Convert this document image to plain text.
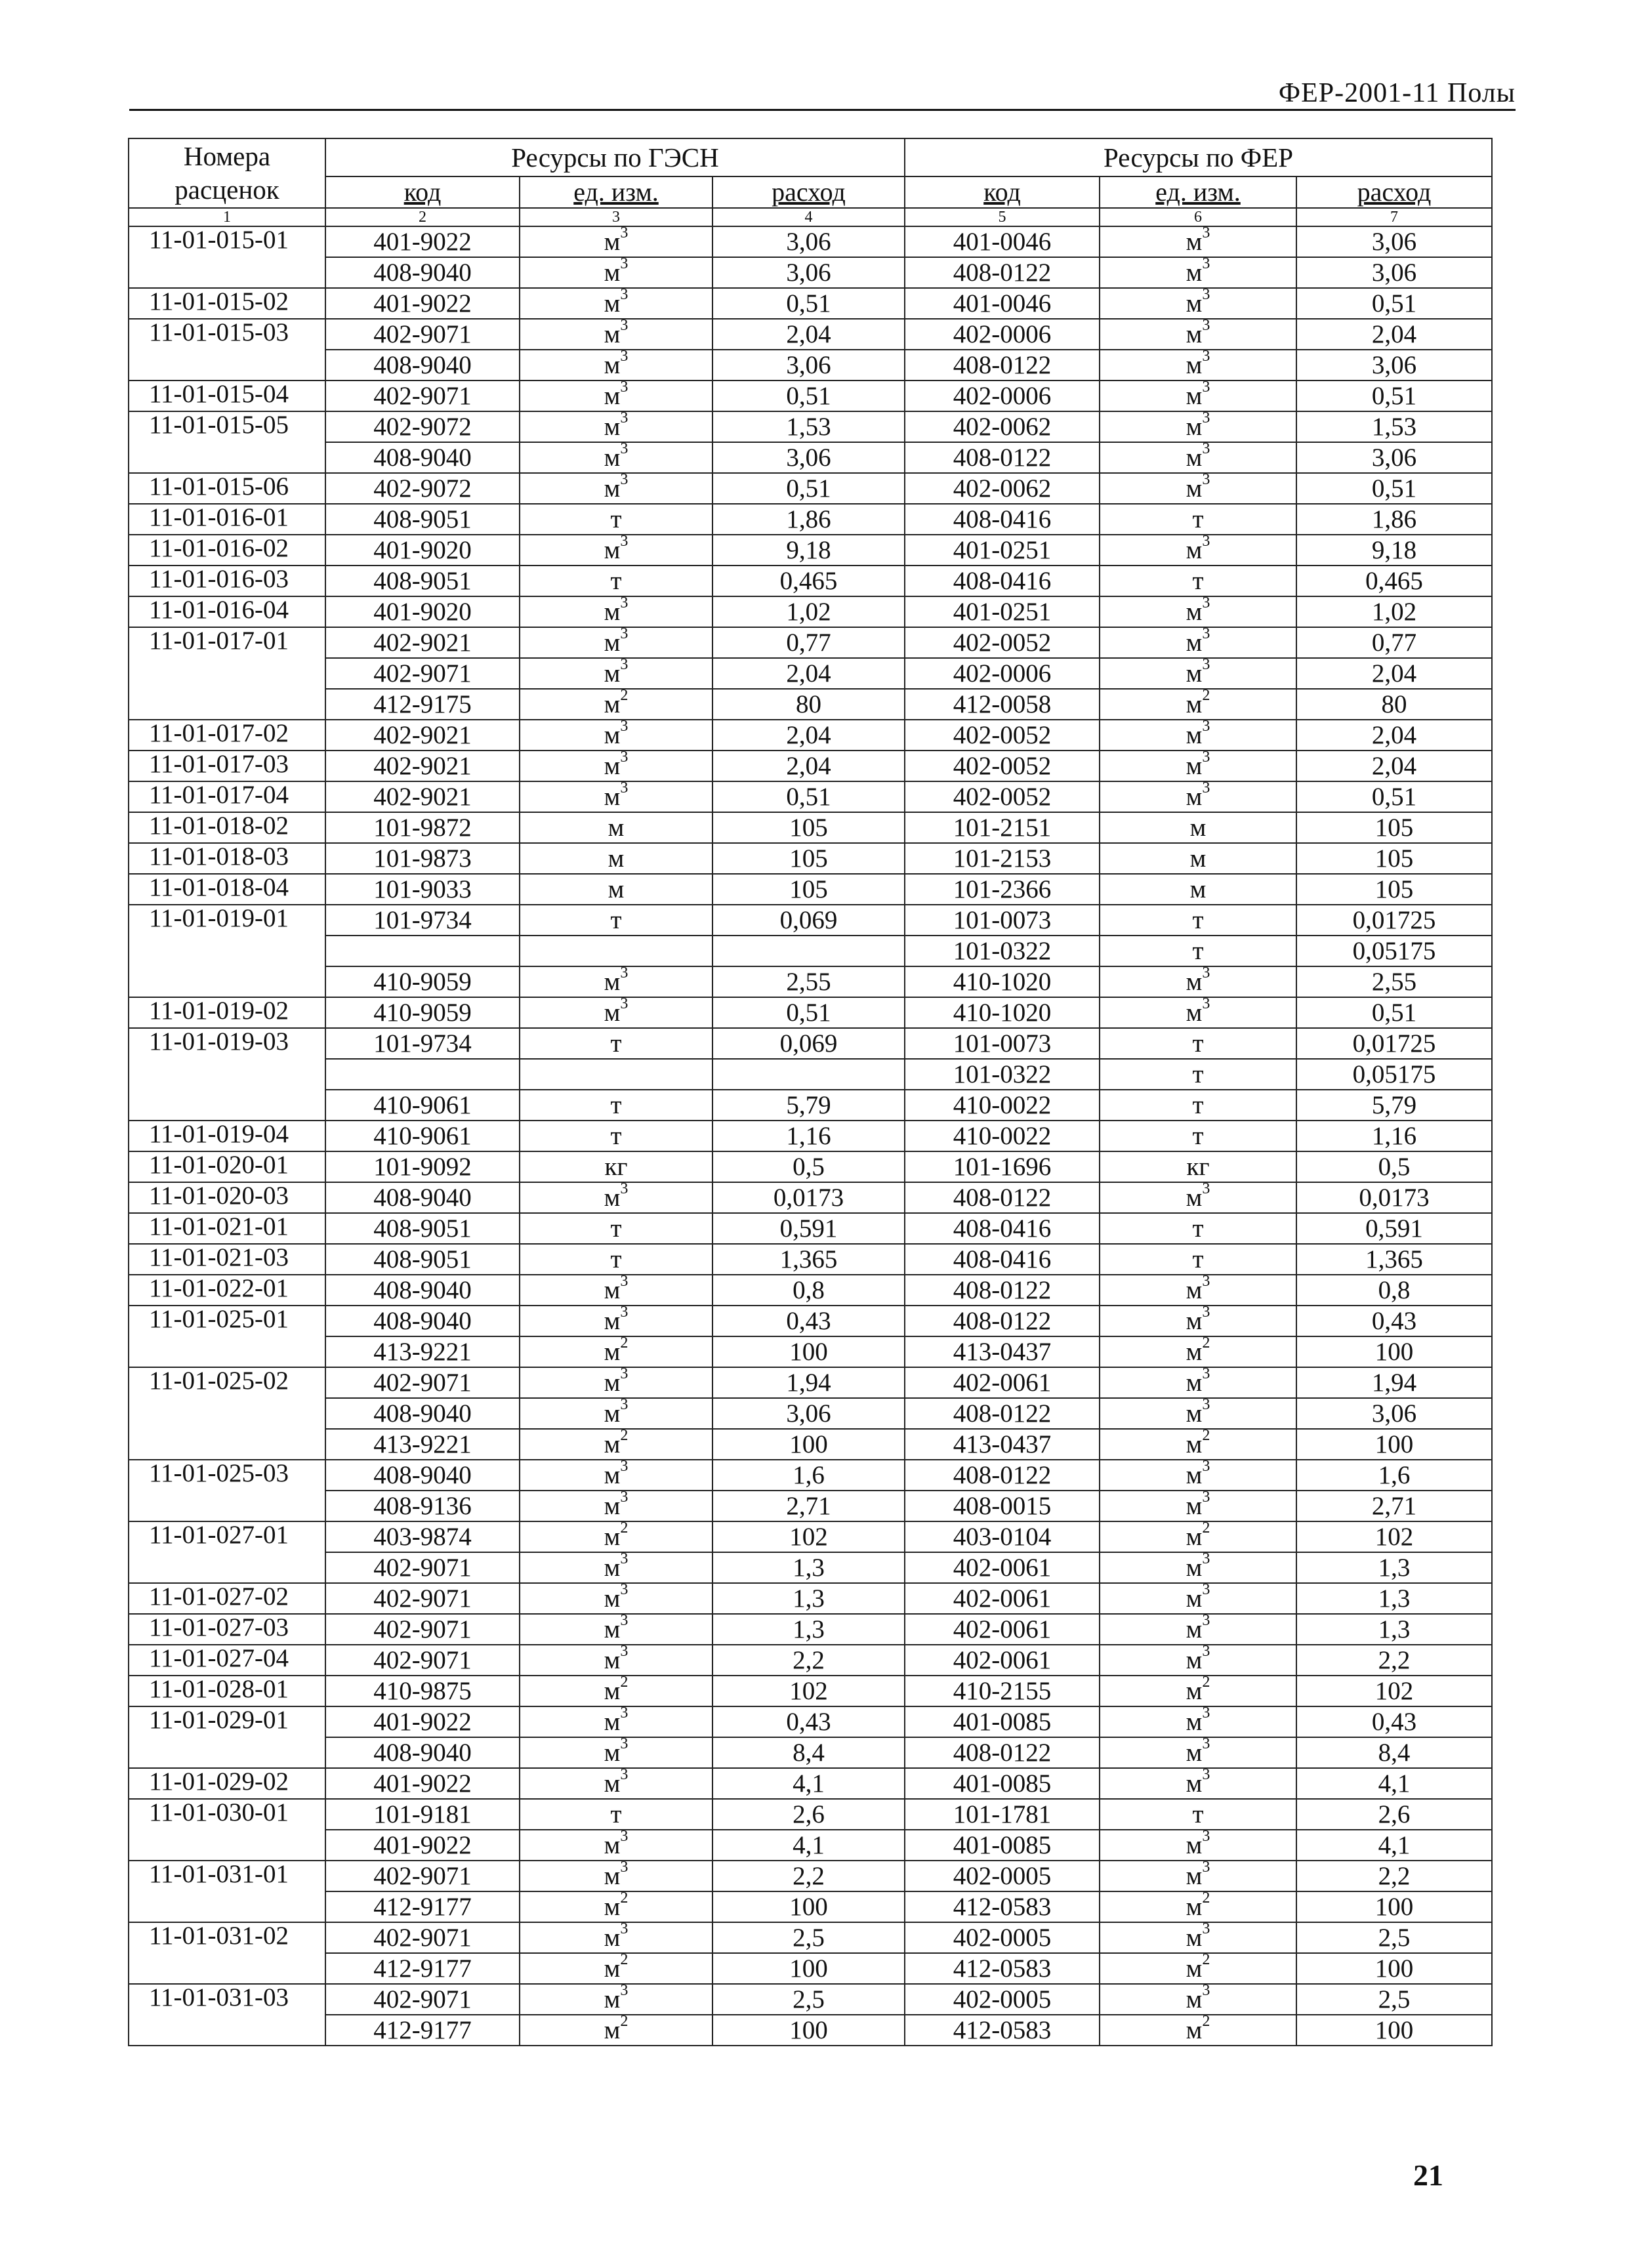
ФЕР-2001-11 Полы
Номера расценок	Ресурсы по ГЭСН			Ресурсы по ФЕР		
	код	ед. изм.	расход	код	ед. изм.	расход
1	2	3	4	5	6	7
11-01-015-01	401-9022	$м^3$	3,06	401-0046	$м^3$	3,06
	408-9040	$м^3$	3,06	408-0122	$м^3$	3,06
11-01-015-02	401-9022	$м^3$	0,51	401-0046	$м^3$	0,51
11-01-015-03	402-9071	$м^3$	2,04	402-0006	$м^3$	2,04
	408-9040	$м^3$	3,06	408-0122	$м^3$	3,06
11-01-015-04	402-9071	$м^3$	0,51	402-0006	$м^3$	0,51
11-01-015-05	402-9072	$м^3$	1,53	402-0062	$м^3$	1,53
	408-9040	$м^3$	3,06	408-0122	$м^3$	3,06
11-01-015-06	402-9072	$м^3$	0,51	402-0062	$м^3$	0,51
11-01-016-01	408-9051	т	1,86	408-0416	т	1,86
11-01-016-02	401-9020	$м^3$	9,18	401-0251	$м^3$	9,18
11-01-016-03	408-9051	т	0,465	408-0416	т	0,465
11-01-016-04	401-9020	$м^3$	1,02	401-0251	$м^3$	1,02
11-01-017-01	402-9021	$м^3$	0,77	402-0052	$м^3$	0,77
	402-9071	$м^3$	2,04	402-0006	$м^3$	2,04
	412-9175	$м^2$	80	412-0058	$м^2$	80
11-01-017-02	402-9021	$м^3$	2,04	402-0052	$м^3$	2,04
11-01-017-03	402-9021	$м^3$	2,04	402-0052	$м^3$	2,04
11-01-017-04	402-9021	$м^3$	0,51	402-0052	$м^3$	0,51
11-01-018-02	101-9872	м	105	101-2151	м	105
11-01-018-03	101-9873	м	105	101-2153	м	105
11-01-018-04	101-9033	м	105	101-2366	м	105
11-01-019-01	101-9734	т	0,069	101-0073	т	0,01725
				101-0322	т	0,05175
	410-9059	$м^3$	2,55	410-1020	$м^3$	2,55
11-01-019-02	410-9059	$м^3$	0,51	410-1020	$м^3$	0,51
11-01-019-03	101-9734	т	0,069	101-0073	т	0,01725
				101-0322	т	0,05175
	410-9061	т	5,79	410-0022	т	5,79
11-01-019-04	410-9061	т	1,16	410-0022	т	1,16
11-01-020-01	101-9092	кг	0,5	101-1696	кг	0,5
11-01-020-03	408-9040	$м^3$	0,0173	408-0122	$м^3$	0,0173
11-01-021-01	408-9051	т	0,591	408-0416	т	0,591
11-01-021-03	408-9051	т	1,365	408-0416	т	1,365
11-01-022-01	408-9040	$м^3$	0,8	408-0122	$м^3$	0,8
11-01-025-01	408-9040	$м^3$	0,43	408-0122	$м^3$	0,43
	413-9221	$м^2$	100	413-0437	$м^2$	100
11-01-025-02	402-9071	$м^3$	1,94	402-0061	$м^3$	1,94
	408-9040	$м^3$	3,06	408-0122	$м^3$	3,06
	413-9221	$м^2$	100	413-0437	$м^2$	100
11-01-025-03	408-9040	$м^3$	1,6	408-0122	$м^3$	1,6
	408-9136	$м^3$	2,71	408-0015	$м^3$	2,71
11-01-027-01	403-9874	$м^2$	102	403-0104	$м^2$	102
	402-9071	$м^3$	1,3	402-0061	$м^3$	1,3
11-01-027-02	402-9071	$м^3$	1,3	402-0061	$м^3$	1,3
11-01-027-03	402-9071	$м^3$	1,3	402-0061	$м^3$	1,3
11-01-027-04	402-9071	$м^3$	2,2	402-0061	$м^3$	2,2
11-01-028-01	410-9875	$м^2$	102	410-2155	$м^2$	102
11-01-029-01	401-9022	$м^3$	0,43	401-0085	$м^3$	0,43
	408-9040	$м^3$	8,4	408-0122	$м^3$	8,4
11-01-029-02	401-9022	$м^3$	4,1	401-0085	$м^3$	4,1
11-01-030-01	101-9181	т	2,6	101-1781	т	2,6
	401-9022	$м^3$	4,1	401-0085	$м^3$	4,1
11-01-031-01	402-9071	$м^3$	2,2	402-0005	$м^3$	2,2
	412-9177	$м^2$	100	412-0583	$м^2$	100
11-01-031-02	402-9071	$м^3$	2,5	402-0005	$м^3$	2,5
	412-9177	$м^2$	100	412-0583	$м^2$	100
11-01-031-03	402-9071	$м^3$	2,5	402-0005	$м^3$	2,5
	412-9177	$м^2$	100	412-0583	$м^2$	100
21
